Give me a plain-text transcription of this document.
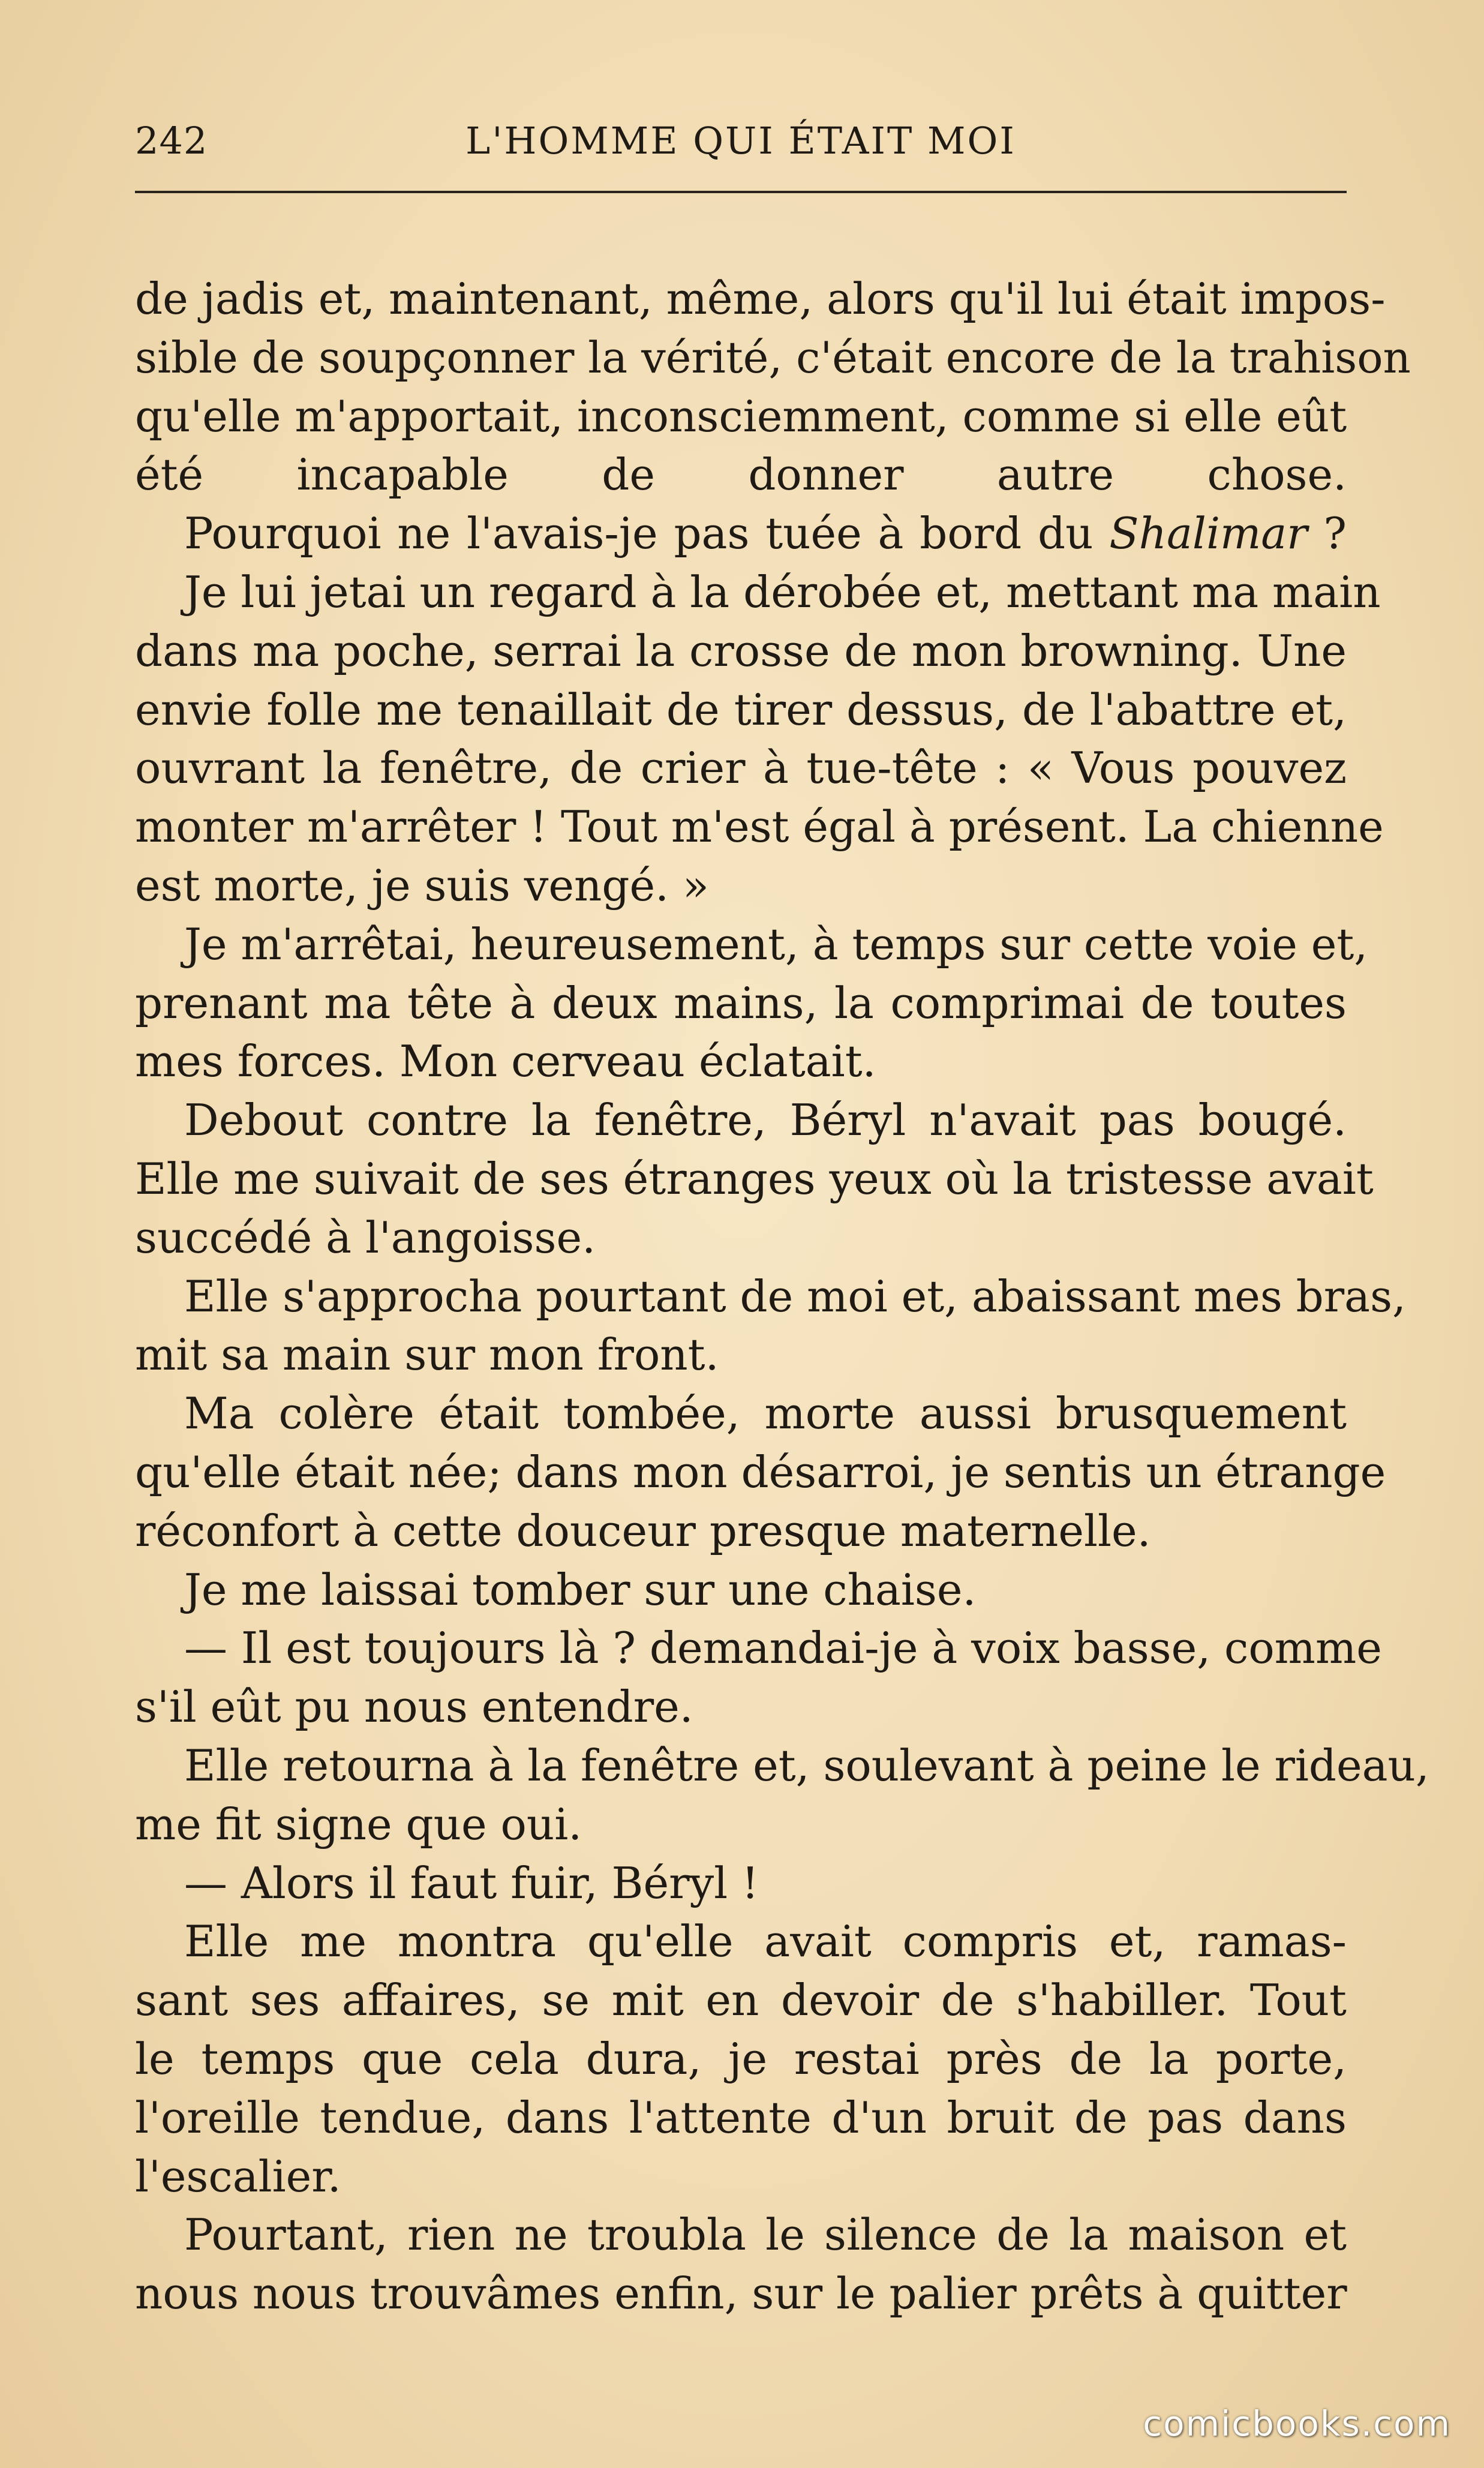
242	L'HOMME QUI ÉTAIT MOI
de jadis et, maintenant, même, alors qu'il lui était impos-
sible de soupçonner la vérité, c'était encore de la trahison
qu'elle m'apportait, inconsciemment, comme si elle eût
été incapable de donner autre chose.
Pourquoi ne l'avais-je pas tuée à bord du Shalimar ?
Je lui jetai un regard à la dérobée et, mettant ma main
dans ma poche, serrai la crosse de mon browning. Une
envie folle me tenaillait de tirer dessus, de l'abattre et,
ouvrant la fenêtre, de crier à tue-tête : « Vous pouvez
monter m'arrêter ! Tout m'est égal à présent. La chienne
est morte, je suis vengé. »
Je m'arrêtai, heureusement, à temps sur cette voie et,
prenant ma tête à deux mains, la comprimai de toutes
mes forces. Mon cerveau éclatait.
Debout contre la fenêtre, Béryl n'avait pas bougé.
Elle me suivait de ses étranges yeux où la tristesse avait
succédé à l'angoisse.
Elle s'approcha pourtant de moi et, abaissant mes bras,
mit sa main sur mon front.
Ma colère était tombée, morte aussi brusquement
qu'elle était née; dans mon désarroi, je sentis un étrange
réconfort à cette douceur presque maternelle.
Je me laissai tomber sur une chaise.
— Il est toujours là ? demandai-je à voix basse, comme
s'il eût pu nous entendre.
Elle retourna à la fenêtre et, soulevant à peine le rideau,
me fit signe que oui.
— Alors il faut fuir, Béryl !
Elle me montra qu'elle avait compris et, ramas-
sant ses affaires, se mit en devoir de s'habiller. Tout
le temps que cela dura, je restai près de la porte,
l'oreille tendue, dans l'attente d'un bruit de pas dans
l'escalier.
Pourtant, rien ne troubla le silence de la maison et
nous nous trouvâmes enfin, sur le palier prêts à quitter
comicbooks.com
